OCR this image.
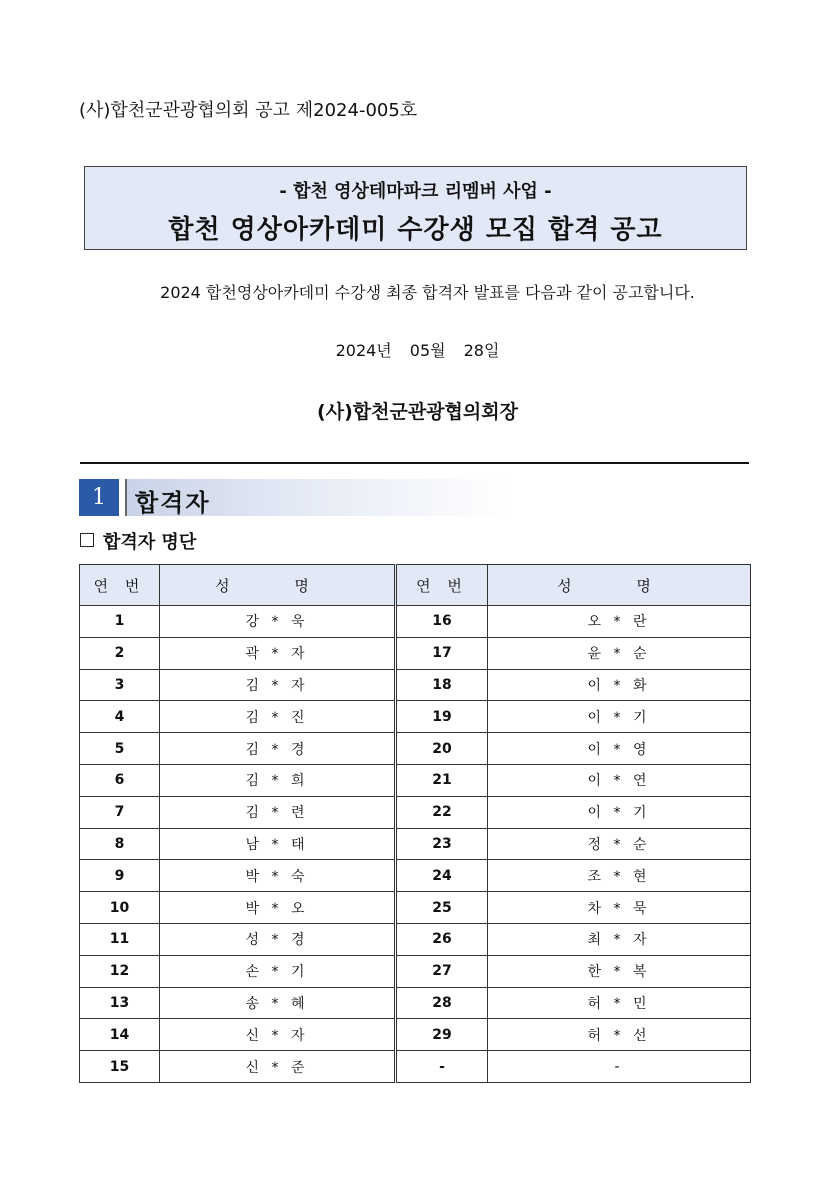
(사)합천군관광협의회 공고 제2024-005호
- 합천 영상테마파크 리멤버 사업 -
합천 영상아카데미 수강생 모집 합격 공고
2024 합천영상아카데미 수강생 최종 합격자 발표를 다음과 같이 공고합니다.
2024년 05월 28일
(사)합천군관광협의회장
1	합격자
합격자 명단
연 번	성 명	연 번	성 명
1	강 * 욱	16	오 * 란
2	곽 * 자	17	윤 * 순
3	김 * 자	18	이 * 화
4	김 * 진	19	이 * 기
5	김 * 경	20	이 * 영
6	김 * 희	21	이 * 연
7	김 * 련	22	이 * 기
8	남 * 태	23	정 * 순
9	박 * 숙	24	조 * 현
10	박 * 오	25	차 * 묵
11	성 * 경	26	최 * 자
12	손 * 기	27	한 * 복
13	송 * 혜	28	허 * 민
14	신 * 자	29	허 * 선
15	신 * 준	-	-
